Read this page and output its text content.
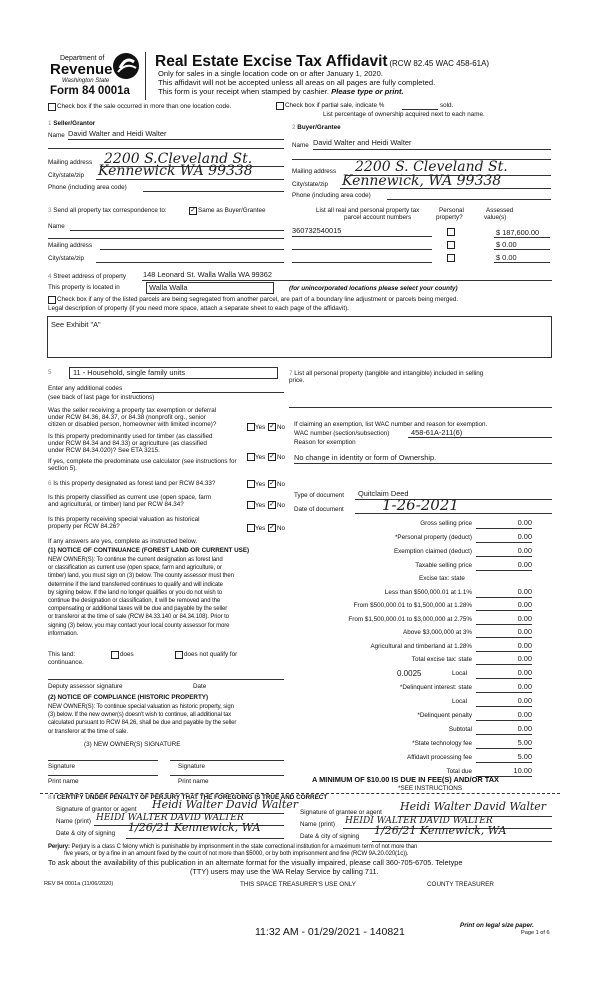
Department of
Revenue
Washington State
Form 84 0001a
Real Estate Excise Tax Affidavit (RCW 82.45 WAC 458-61A)
Only for sales in a single location code on or after January 1, 2020.
This affidavit will not be accepted unless all areas on all pages are fully completed.
This form is your receipt when stamped by cashier. Please type or print.
Check box if the sale occurred in more than one location code.	Check box if partial sale, indicate %	sold.
List percentage of ownership acquired next to each name.
1 Seller/Grantor
Name David Walter and Heidi Walter
Mailing address 2200 S.Cleveland St.
City/state/zip Kennewick WA 99338
Phone (including area code)
2 Buyer/Grantee
Name David Walter and Heidi Walter
Mailing address 2200 S. Cleveland St.
City/state/zip Kennewick, WA 99338
Phone (including area code)
3 Send all property tax correspondence to:	✓ Same as Buyer/Grantee
Name
Mailing address
City/state/zip
List all real and personal property tax
parcel account numbers
Personal
property?
Assessed
value(s)
360732540015	$ 187,600.00
$ 0.00
$ 0.00
4 Street address of property 148 Leonard St. Walla Walla WA 99362
This property is located in	Walla Walla	(for unincorporated locations please select your county)
Check box if any of the listed parcels are being segregated from another parcel, are part of a boundary line adjustment or parcels being merged.
Legal description of property (if you need more space, attach a separate sheet to each page of the affidavit).
See Exhibit "A"
5	11 - Household, single family units
Enter any additional codes
(see back of last page for instructions)
Was the seller receiving a property tax exemption or deferral
under RCW 84.36, 84.37, or 84.38 (nonprofit org., senior
citizen or disabled person, homeowner with limited income)?	Yes ✓ No
Is this property predominantly used for timber (as classified
under RCW 84.34 and 84.33) or agriculture (as classified
under RCW 84.34.020)? See ETA 3215.
Yes ✓ No
If yes, complete the predominate use calculator (see instructions for
section 5).
6 Is this property designated as forest land per RCW 84.33?	Yes ✓ No
Is this property classified as current use (open space, farm
and agricultural, or timber) land per RCW 84.34?	Yes ✓ No
Is this property receiving special valuation as historical
property per RCW 84.26?	Yes ✓ No
If any answers are yes, complete as instructed below.
(1) NOTICE OF CONTINUANCE (FOREST LAND OR CURRENT USE)
NEW OWNER(S): To continue the current designation as forest land
or classification as current use (open space, farm and agriculture, or
timber) land, you must sign on (3) below. The county assessor must then
determine if the land transferred continues to qualify and will indicate
by signing below. If the land no longer qualifies or you do not wish to
continue the designation or classification, it will be removed and the
compensating or additional taxes will be due and payable by the seller
or transferor at the time of sale (RCW 84.33.140 or 84.34.108). Prior to
signing (3) below, you may contact your local county assessor for more
information.
This land:	does	does not qualify for
continuance.
Deputy assessor signature	Date
(2) NOTICE OF COMPLIANCE (HISTORIC PROPERTY)
NEW OWNER(S): To continue special valuation as historic property, sign
(3) below. If the new owner(s) doesn't wish to continue, all additional tax
calculated pursuant to RCW 84.26, shall be due and payable by the seller
or transferor at the time of sale.
(3) NEW OWNER(S) SIGNATURE
Signature	Signature
Print name	Print name
7 List all personal property (tangible and intangible) included in selling
price.
If claiming an exemption, list WAC number and reason for exemption.
WAC number (section/subsection)	458-61A-211(6)
Reason for exemption
No change in identity or form of Ownership.
Type of document Quitclaim Deed
Date of document	1-26-2021
Gross selling price	0.00
*Personal property (deduct)	0.00
Exemption claimed (deduct)	0.00
Taxable selling price	0.00
Excise tax: state
Less than $500,000.01 at 1.1%	0.00
From $500,000.01 to $1,500,000 at 1.28%	0.00
From $1,500,000.01 to $3,000,000 at 2.75%	0.00
Above $3,000,000 at 3%	0.00
Agricultural and timberland at 1.28%	0.00
Total excise tax: state	0.00
0.0025	Local	0.00
*Delinquent interest: state	0.00
Local	0.00
*Delinquent penalty	0.00
Subtotal	0.00
*State technology fee	5.00
Affidavit processing fee	5.00
Total due	10.00
A MINIMUM OF $10.00 IS DUE IN FEE(S) AND/OR TAX
*SEE INSTRUCTIONS
8 I CERTIFY UNDER PENALTY OF PERJURY THAT THE FOREGOING IS TRUE AND CORRECT
Signature of grantor or agent Heidi Walter David Walter
Name (print) HEIDI WALTER DAVID WALTER
Date & city of signing 1/26/21 Kennewick, WA
Signature of grantee or agent Heidi Walter David Walter
Name (print) HEIDI WALTER DAVID WALTER
Date & city of signing 1/26/21 Kennewick, WA
Perjury: Perjury is a class C felony which is punishable by imprisonment in the state correctional institution for a maximum term of not more than
five years, or by a fine in an amount fixed by the court of not more than $5000, or by both imprisonment and fine (RCW 9A.20.020(1c)).
To ask about the availability of this publication in an alternate format for the visually impaired, please call 360-705-6705. Teletype
(TTY) users may use the WA Relay Service by calling 711.
REV 84 0001a (11/06/2020)	THIS SPACE TREASURER'S USE ONLY	COUNTY TREASURER
11:32 AM - 01/29/2021 - 140821
Print on legal size paper.
Page 1 of 6
